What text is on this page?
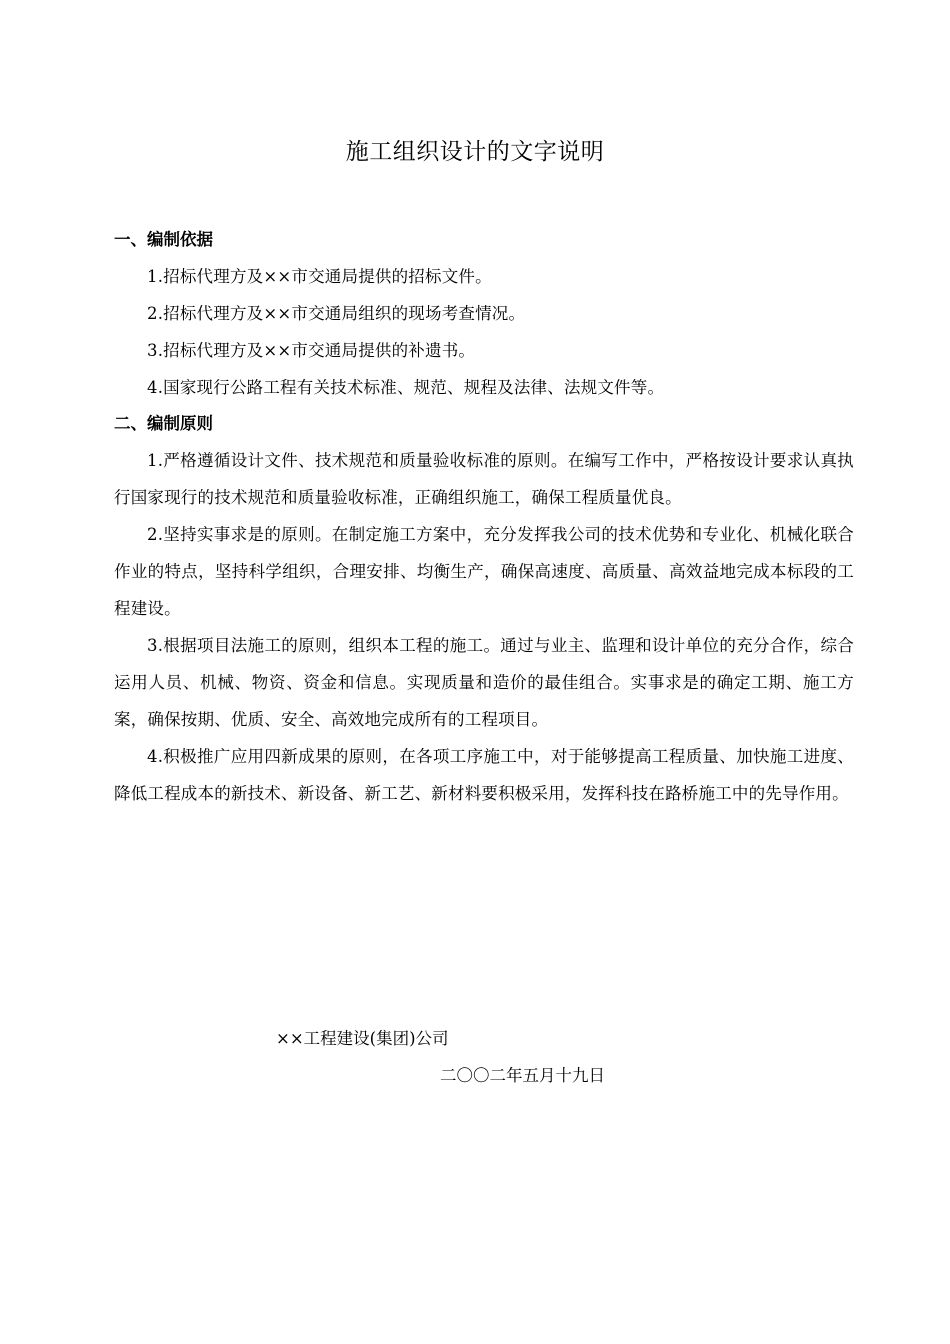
施工组织设计的文字说明
一、编制依据

1.招标代理方及××市交通局提供的招标文件。

2.招标代理方及××市交通局组织的现场考查情况。

3.招标代理方及××市交通局提供的补遗书。

4.国家现行公路工程有关技术标准、规范、规程及法律、法规文件等。

二、编制原则

1.严格遵循设计文件、技术规范和质量验收标准的原则。在编写工作中，严格按设计要求认真执行国家现行的技术规范和质量验收标准，正确组织施工，确保工程质量优良。

2.坚持实事求是的原则。在制定施工方案中，充分发挥我公司的技术优势和专业化、机械化联合作业的特点，坚持科学组织，合理安排、均衡生产，确保高速度、高质量、高效益地完成本标段的工程建设。

3.根据项目法施工的原则，组织本工程的施工。通过与业主、监理和设计单位的充分合作，综合运用人员、机械、物资、资金和信息。实现质量和造价的最佳组合。实事求是的确定工期、施工方案，确保按期、优质、安全、高效地完成所有的工程项目。

4.积极推广应用四新成果的原则，在各项工序施工中，对于能够提高工程质量、加快施工进度、降低工程成本的新技术、新设备、新工艺、新材料要积极采用，发挥科技在路桥施工中的先导作用。

××工程建设(集团)公司

二〇〇二年五月十九日
